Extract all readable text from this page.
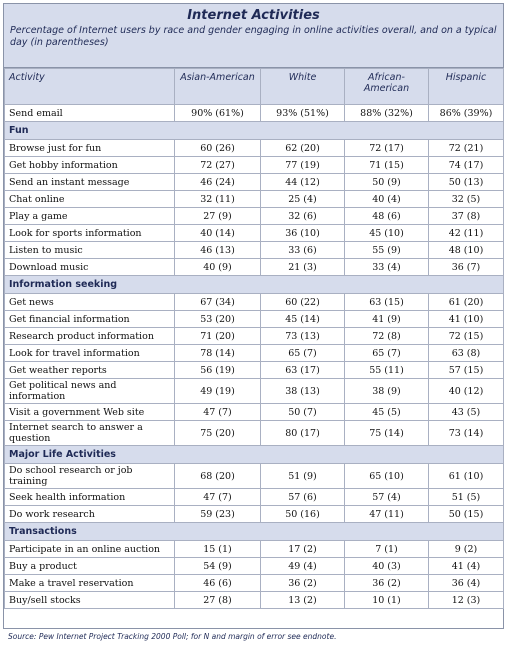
Internet Activities
Percentage of Internet users by race and gender engaging in online activities overall, and on a typical day (in parentheses)
Activity	Asian-American	White	African-American	Hispanic
Send email	90% (61%)	93% (51%)	88% (32%)	86% (39%)
Fun				
Browse just for fun	60 (26)	62 (20)	72 (17)	72 (21)
Get hobby information	72 (27)	77 (19)	71 (15)	74 (17)
Send an instant message	46 (24)	44 (12)	50 (9)	50 (13)
Chat online	32 (11)	25 (4)	40 (4)	32 (5)
Play a game	27 (9)	32 (6)	48 (6)	37 (8)
Look for sports information	40 (14)	36 (10)	45 (10)	42 (11)
Listen to music	46 (13)	33 (6)	55 (9)	48 (10)
Download music	40 (9)	21 (3)	33 (4)	36 (7)
Information seeking				
Get news	67 (34)	60 (22)	63 (15)	61 (20)
Get financial information	53 (20)	45 (14)	41 (9)	41 (10)
Research product information	71 (20)	73 (13)	72 (8)	72 (15)
Look for travel information	78 (14)	65 (7)	65 (7)	63 (8)
Get weather reports	56 (19)	63 (17)	55 (11)	57 (15)
Get political news and information	49 (19)	38 (13)	38 (9)	40 (12)
Visit a government Web site	47 (7)	50 (7)	45 (5)	43 (5)
Internet search to answer a question	75 (20)	80 (17)	75 (14)	73 (14)
Major Life Activities				
Do school research or job training	68 (20)	51 (9)	65 (10)	61 (10)
Seek health information	47 (7)	57 (6)	57 (4)	51 (5)
Do work research	59 (23)	50 (16)	47 (11)	50 (15)
Transactions				
Participate in an online auction	15 (1)	17 (2)	7 (1)	9 (2)
Buy a product	54 (9)	49 (4)	40 (3)	41 (4)
Make a travel reservation	46 (6)	36 (2)	36 (2)	36 (4)
Buy/sell stocks	27 (8)	13 (2)	10 (1)	12 (3)
Source: Pew Internet Project Tracking 2000 Poll; for N and margin of error see endnote.
